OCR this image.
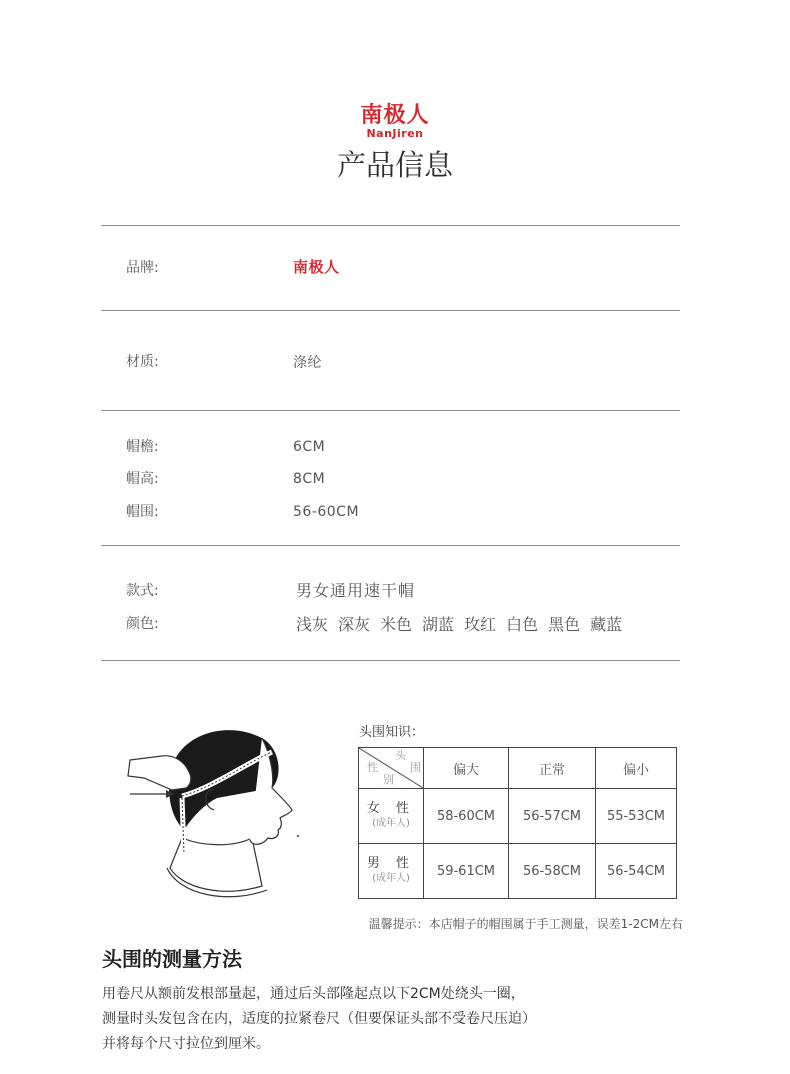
南极人
NanJiren
产品信息
品牌:	南极人
材质:	涤纶
帽檐:	6CM
帽高:	8CM
帽围:	56-60CM
款式:	男女通用速干帽
颜色:	浅灰 深灰 米色 湖蓝 玫红 白色 黑色 藏蓝
头围知识：
头
围
性
别	偏大	正常	偏小

女 性
(成年人)	58-60CM	56-57CM	55-53CM

男 性
(成年人)	59-61CM	56-58CM	56-54CM
温馨提示：本店帽子的帽围属于手工测量，误差1-2CM左右
头围的测量方法
用卷尺从额前发根部量起，通过后头部隆起点以下2CM处绕头一圈，
测量时头发包含在内，适度的拉紧卷尺（但要保证头部不受卷尺压迫）
并将每个尺寸拉位到厘米。
